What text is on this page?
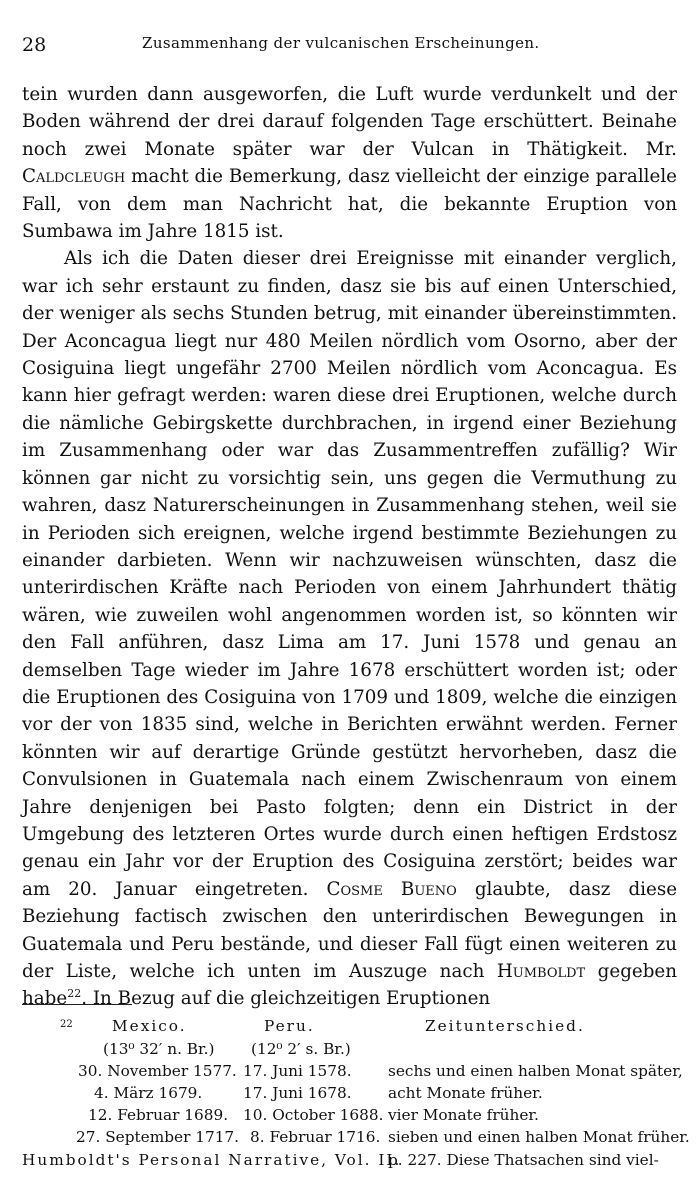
28	Zusammenhang der vulcanischen Erscheinungen.

tein wurden dann ausgeworfen, die Luft wurde verdunkelt und der Boden während der drei darauf folgenden Tage erschüttert. Beinahe noch zwei Monate später war der Vulcan in Thätigkeit. Mr. Caldcleugh macht die Bemerkung, dasz vielleicht der einzige parallele Fall, von dem man Nachricht hat, die bekannte Eruption von Sumbawa im Jahre 1815 ist.

Als ich die Daten dieser drei Ereignisse mit einander verglich, war ich sehr erstaunt zu finden, dasz sie bis auf einen Unterschied, der weniger als sechs Stunden betrug, mit einander übereinstimmten. Der Aconcagua liegt nur 480 Meilen nördlich vom Osorno, aber der Cosiguina liegt ungefähr 2700 Meilen nördlich vom Aconcagua. Es kann hier gefragt werden: waren diese drei Eruptionen, welche durch die nämliche Gebirgskette durchbrachen, in irgend einer Beziehung im Zusammenhang oder war das Zusammentreffen zufällig? Wir können gar nicht zu vorsichtig sein, uns gegen die Vermuthung zu wahren, dasz Naturerscheinungen in Zusammenhang stehen, weil sie in Perioden sich ereignen, welche irgend bestimmte Beziehungen zu einander darbieten. Wenn wir nachzuweisen wünschten, dasz die unterirdischen Kräfte nach Perioden von einem Jahrhundert thätig wären, wie zuweilen wohl angenommen worden ist, so könnten wir den Fall anführen, dasz Lima am 17. Juni 1578 und genau an demselben Tage wieder im Jahre 1678 erschüttert worden ist; oder die Eruptionen des Cosiguina von 1709 und 1809, welche die einzigen vor der von 1835 sind, welche in Berichten erwähnt werden. Ferner könnten wir auf derartige Gründe gestützt hervorheben, dasz die Convulsionen in Guatemala nach einem Zwischenraum von einem Jahre denjenigen bei Pasto folgten; denn ein District in der Umgebung des letzteren Ortes wurde durch einen heftigen Erdstosz genau ein Jahr vor der Eruption des Cosiguina zerstört; beides war am 20. Januar eingetreten. Cosme Bueno glaubte, dasz diese Beziehung factisch zwischen den unterirdischen Bewegungen in Guatemala und Peru bestände, und dieser Fall fügt einen weiteren zu der Liste, welche ich unten im Auszuge nach Humboldt gegeben habe$^{22}$. In Bezug auf die gleichzeitigen Eruptionen

22	Mexico.	Peru.	Zeitunterschied.
(13⁰ 32′ n. Br.) (12⁰ 2′ s. Br.)
30. November 1577. 17. Juni 1578. sechs und einen halben Monat später,
4. März 1679.	17. Juni 1678. acht Monate früher.
12. Februar 1689. 10. October 1688. vier Monate früher.
27. September 1717. 8. Februar 1716. sieben und einen halben Monat früher.
Humboldt's Personal Narrative, Vol. II.
p. 227. Diese Thatsachen sind viel-
